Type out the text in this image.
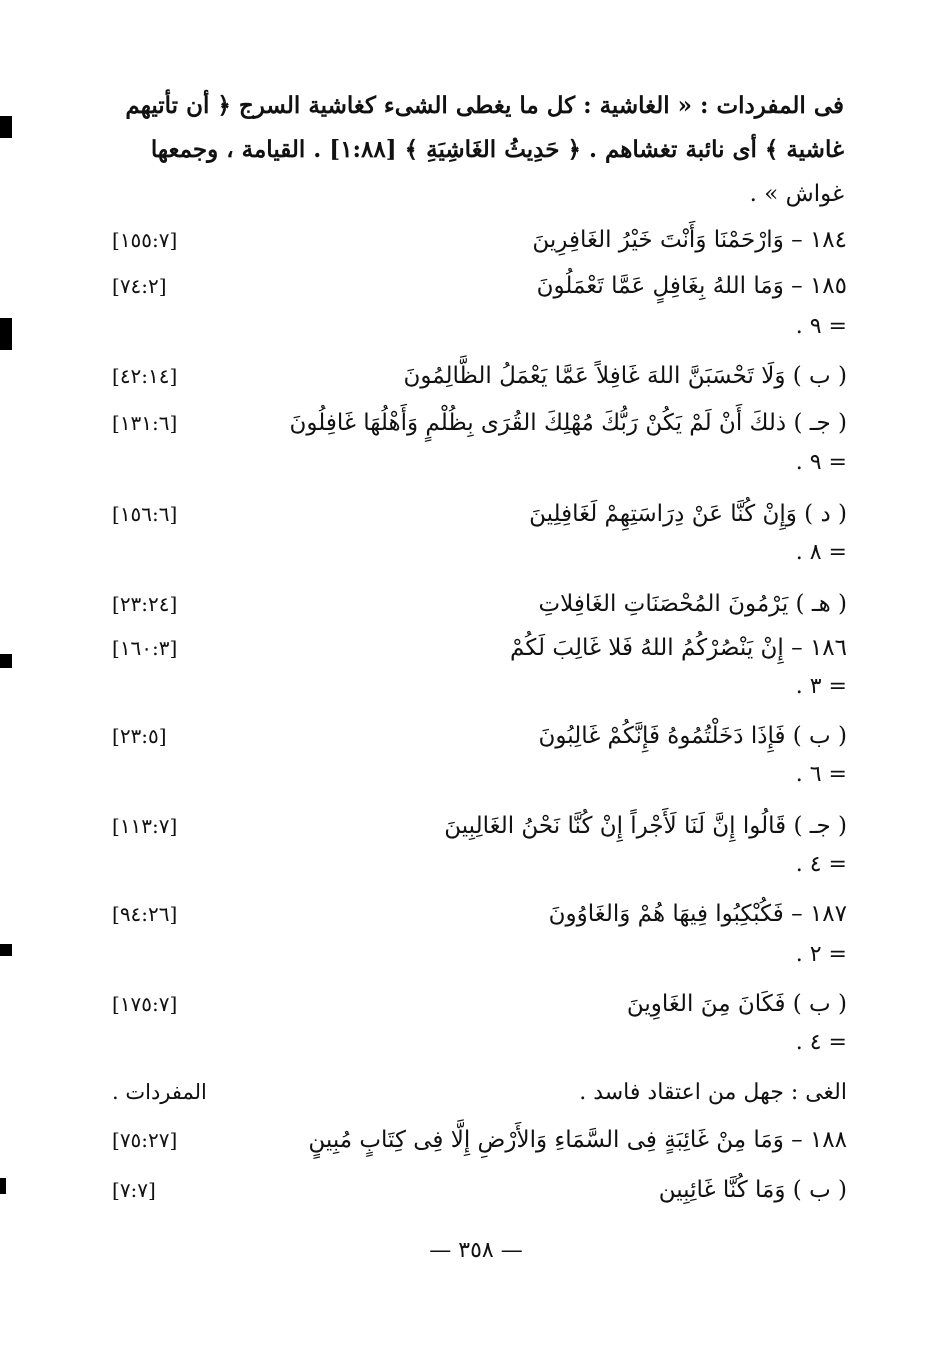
فى المفردات : « الغاشية : كل ما يغطى الشىء كغاشية السرج ﴿ أن تأتيهم
غاشية ﴾ أى نائبة تغشاهم . ﴿ حَدِيثُ الغَاشِيَةِ ﴾ [١:٨٨] . القيامة ، وجمعها
غواش » .

[١٥٥:٧]	١٨٤ – وَارْحَمْنَا وَأَنْتَ خَيْرُ الغَافِرِينَ
[٧٤:٢]	١٨٥ – وَمَا اللهُ بِغَافِلٍ عَمَّا تَعْمَلُونَ
= ٩ .
[٤٢:١٤]	( ب ) وَلَا تَحْسَبَنَّ اللهَ غَافِلاً عَمَّا يَعْمَلُ الظَّالِمُونَ
[١٣١:٦]	( جـ ) ذلكَ أَنْ لَمْ يَكُنْ رَبُّكَ مُهْلِكَ القُرَى بِظُلْمٍ وَأَهْلُهَا غَافِلُونَ
= ٩ .
[١٥٦:٦]	( د ) وَإِنْ كُنَّا عَنْ دِرَاسَتِهِمْ لَغَافِلِينَ
= ٨ .
[٢٣:٢٤]	( هـ ) يَرْمُونَ المُحْصَنَاتِ الغَافِلاتِ
[١٦٠:٣]	١٨٦ – إِنْ يَنْصُرْكُمُ اللهُ فَلا غَالِبَ لَكُمْ
= ٣ .
[٢٣:٥]	( ب ) فَإِذَا دَخَلْتُمُوهُ فَإِنَّكُمْ غَالِبُونَ
= ٦ .
[١١٣:٧]	( جـ ) قَالُوا إِنَّ لَنَا لَأَجْراً إِنْ كُنَّا نَحْنُ الغَالِبِينَ
= ٤ .
[٩٤:٢٦]	١٨٧ – فَكُبْكِبُوا فِيهَا هُمْ وَالغَاوُونَ
= ٢ .
[١٧٥:٧]	( ب ) فَكَانَ مِنَ الغَاوِينَ
= ٤ .
المفردات .	الغى : جهل من اعتقاد فاسد .
[٧٥:٢٧]	١٨٨ – وَمَا مِنْ غَائِبَةٍ فِى السَّمَاءِ وَالأَرْضِ إِلَّا فِى كِتَابٍ مُبِينٍ
[٧:٧]	( ب ) وَمَا كُنَّا غَائِبِين
— ٣٥٨ —
